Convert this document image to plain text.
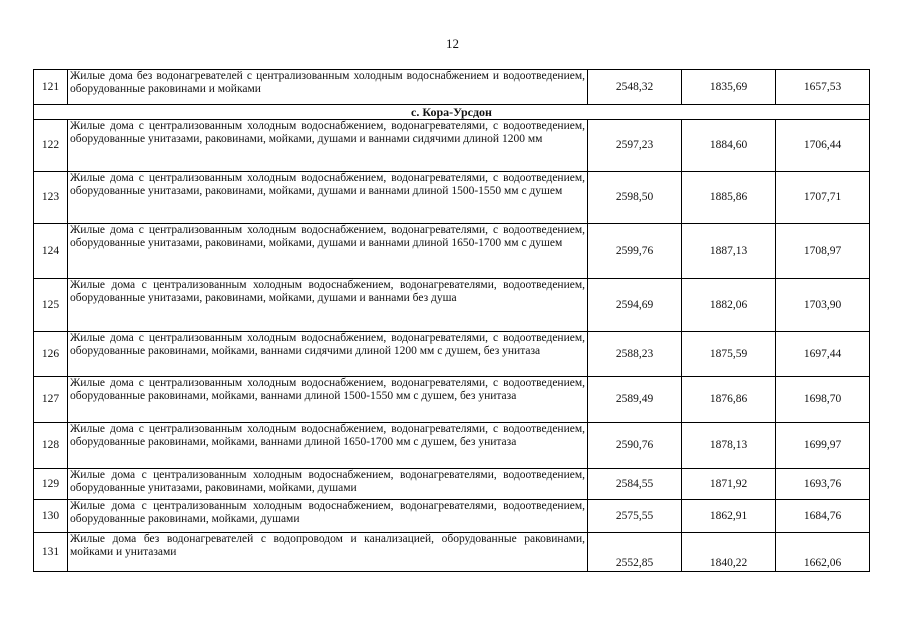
12
121	Жилые дома без водонагревателей с централизованным холодным водоснабжением и водоотведением, оборудованные раковинами и мойками	2548,32	1835,69	1657,53
с. Кора-Урсдон				
122	Жилые дома с централизованным холодным водоснабжением, водонагревателями, с водоотведением, оборудованные унитазами, раковинами, мойками, душами и ваннами сидячими длиной 1200 мм	2597,23	1884,60	1706,44
123	Жилые дома с централизованным холодным водоснабжением, водонагревателями, с водоотведением, оборудованные унитазами, раковинами, мойками, душами и ваннами длиной 1500-1550 мм с душем	2598,50	1885,86	1707,71
124	Жилые дома с централизованным холодным водоснабжением, водонагревателями, с водоотведением, оборудованные унитазами, раковинами, мойками, душами и ваннами длиной 1650-1700 мм с душем	2599,76	1887,13	1708,97
125	Жилые дома с централизованным холодным водоснабжением, водонагревателями, водоотведением, оборудованные унитазами, раковинами, мойками, душами и ваннами без душа	2594,69	1882,06	1703,90
126	Жилые дома с централизованным холодным водоснабжением, водонагревателями, с водоотведением, оборудованные раковинами, мойками, ваннами сидячими длиной 1200 мм с душем, без унитаза	2588,23	1875,59	1697,44
127	Жилые дома с централизованным холодным водоснабжением, водонагревателями, с водоотведением, оборудованные раковинами, мойками, ваннами длиной 1500-1550 мм с душем, без унитаза	2589,49	1876,86	1698,70
128	Жилые дома с централизованным холодным водоснабжением, водонагревателями, с водоотведением, оборудованные раковинами, мойками, ваннами длиной 1650-1700 мм с душем, без унитаза	2590,76	1878,13	1699,97
129	Жилые дома с централизованным холодным водоснабжением, водонагревателями, водоотведением, оборудованные унитазами, раковинами, мойками, душами	2584,55	1871,92	1693,76
130	Жилые дома с централизованным холодным водоснабжением, водонагревателями, водоотведением, оборудованные раковинами, мойками, душами	2575,55	1862,91	1684,76
131	Жилые дома без водонагревателей с водопроводом и канализацией, оборудованные раковинами, мойками и унитазами	2552,85	1840,22	1662,06
